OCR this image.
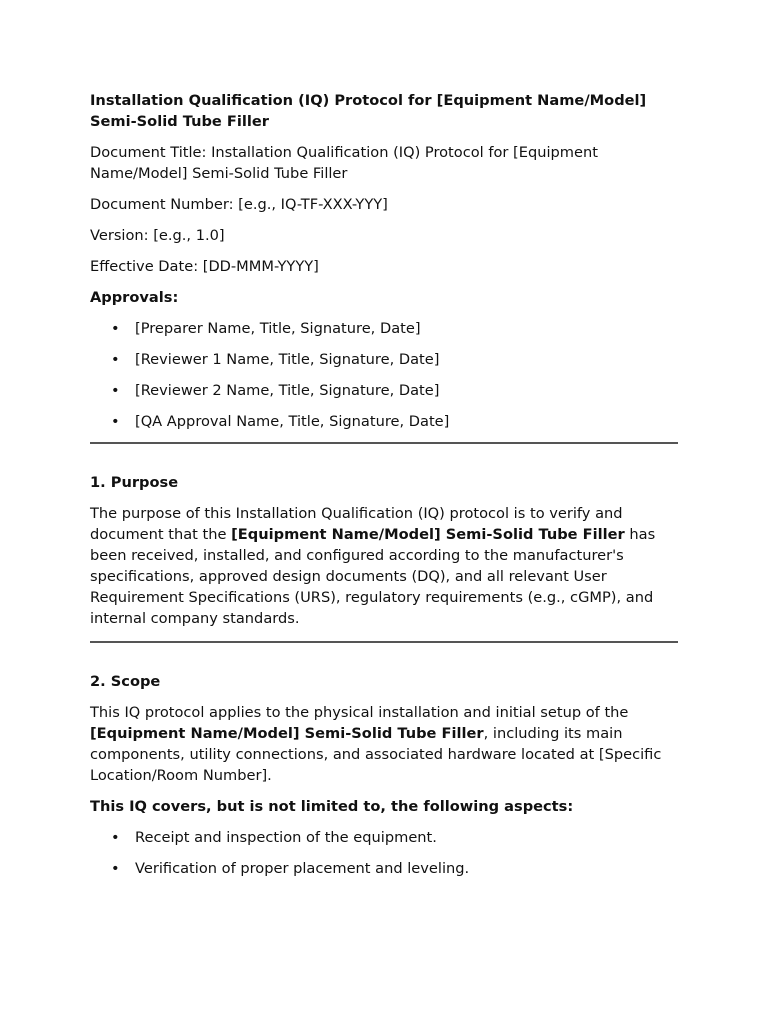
Installation Qualification (IQ) Protocol for [Equipment Name/Model] Semi-Solid Tube Filler

Document Title: Installation Qualification (IQ) Protocol for [Equipment Name/Model] Semi-Solid Tube Filler

Document Number: [e.g., IQ-TF-XXX-YYY]

Version: [e.g., 1.0]

Effective Date: [DD-MMM-YYYY]

Approvals:

• [Preparer Name, Title, Signature, Date]
• [Reviewer 1 Name, Title, Signature, Date]
• [Reviewer 2 Name, Title, Signature, Date]
• [QA Approval Name, Title, Signature, Date]

1. Purpose

The purpose of this Installation Qualification (IQ) protocol is to verify and document that the [Equipment Name/Model] Semi-Solid Tube Filler has been received, installed, and configured according to the manufacturer's specifications, approved design documents (DQ), and all relevant User Requirement Specifications (URS), regulatory requirements (e.g., cGMP), and internal company standards.

2. Scope

This IQ protocol applies to the physical installation and initial setup of the [Equipment Name/Model] Semi-Solid Tube Filler, including its main components, utility connections, and associated hardware located at [Specific Location/Room Number].

This IQ covers, but is not limited to, the following aspects:

• Receipt and inspection of the equipment.
• Verification of proper placement and leveling.
